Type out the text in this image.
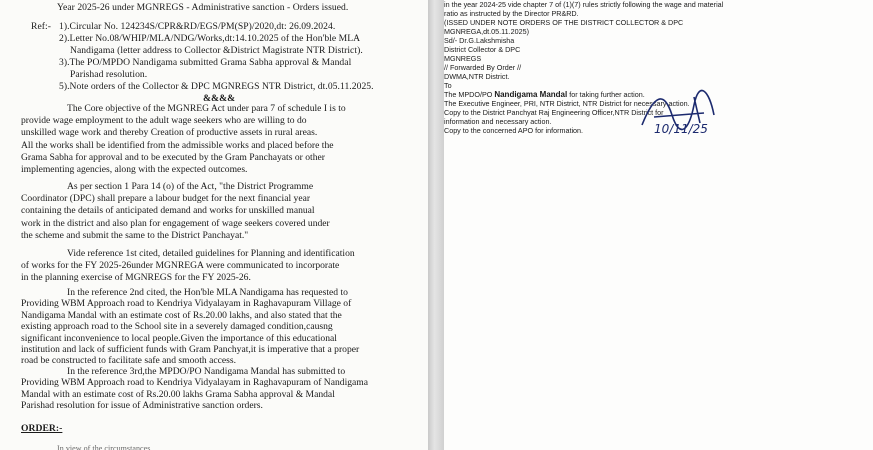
Year 2025-26 under MGNREGS - Administrative sanction - Orders issued.
Ref:- 1).Circular No. 124234S/CPR&RD/EGS/PM(SP)/2020,dt: 26.09.2024.
2).Letter No.08/WHIP/MLA/NDG/Works,dt:14.10.2025 of the Hon'ble MLA
Nandigama (letter address to Collector &District Magistrate NTR District).
3).The PO/MPDO Nandigama submitted Grama Sabha approval & Mandal
Parishad resolution.
5).Note orders of the Collector & DPC MGNREGS NTR District, dt.05.11.2025.
&&&&
The Core objective of the MGNREG Act under para 7 of schedule I is to
provide wage employment to the adult wage seekers who are willing to do
unskilled wage work and thereby Creation of productive assets in rural areas.
All the works shall be identified from the admissible works and placed before the
Grama Sabha for approval and to be executed by the Gram Panchayats or other
implementing agencies, along with the expected outcomes.
As per section 1 Para 14 (o) of the Act, "the District Programme
Coordinator (DPC) shall prepare a labour budget for the next financial year
containing the details of anticipated demand and works for unskilled manual
work in the district and also plan for engagement of wage seekers covered under
the scheme and submit the same to the District Panchayat."
Vide reference 1st cited, detailed guidelines for Planning and identification
of works for the FY 2025-26under MGNREGA were communicated to incorporate
in the planning exercise of MGNREGS for the FY 2025-26.
In the reference 2nd cited, the Hon'ble MLA Nandigama has requested to
Providing WBM Approach road to Kendriya Vidyalayam in Raghavapuram Village of
Nandigama Mandal with an estimate cost of Rs.20.00 lakhs, and also stated that the
existing approach road to the School site in a severely damaged condition,causng
significant inconvenience to local people.Given the importance of this educational
institution and lack of sufficient funds with Gram Panchyat,it is imperative that a proper
road be constructed to facilitate safe and smooth access.
In the reference 3rd,the MPDO/PO Nandigama Mandal has submitted to
Providing WBM Approach road to Kendriya Vidyalayam in Raghavapuram of Nandigama
Mandal with an estimate cost of Rs.20.00 lakhs Grama Sabha approval & Mandal
Parishad resolution for issue of Administrative sanction orders.
ORDER:-
In view of the circumstances...
in the year 2024-25 vide chapter 7 of (1)(7) rules strictly following the wage and material
ratio as instructed by the Director PR&RD.
(ISSED UNDER NOTE ORDERS OF THE DISTRICT COLLECTOR & DPC
MGNREGA,dt.05.11.2025)
Sd/- Dr.G.Lakshmisha
District Collector & DPC
MGNREGS
// Forwarded By Order //
DWMA,NTR District.
10/11/25
To
The MPDO/PO Nandigama Mandal for taking further action.
The Executive Engineer, PRI, NTR District, NTR District for necessary action.
Copy to the District Panchyat Raj Engineering Officer,NTR District for
information and necessary action.
Copy to the concerned APO for information.
